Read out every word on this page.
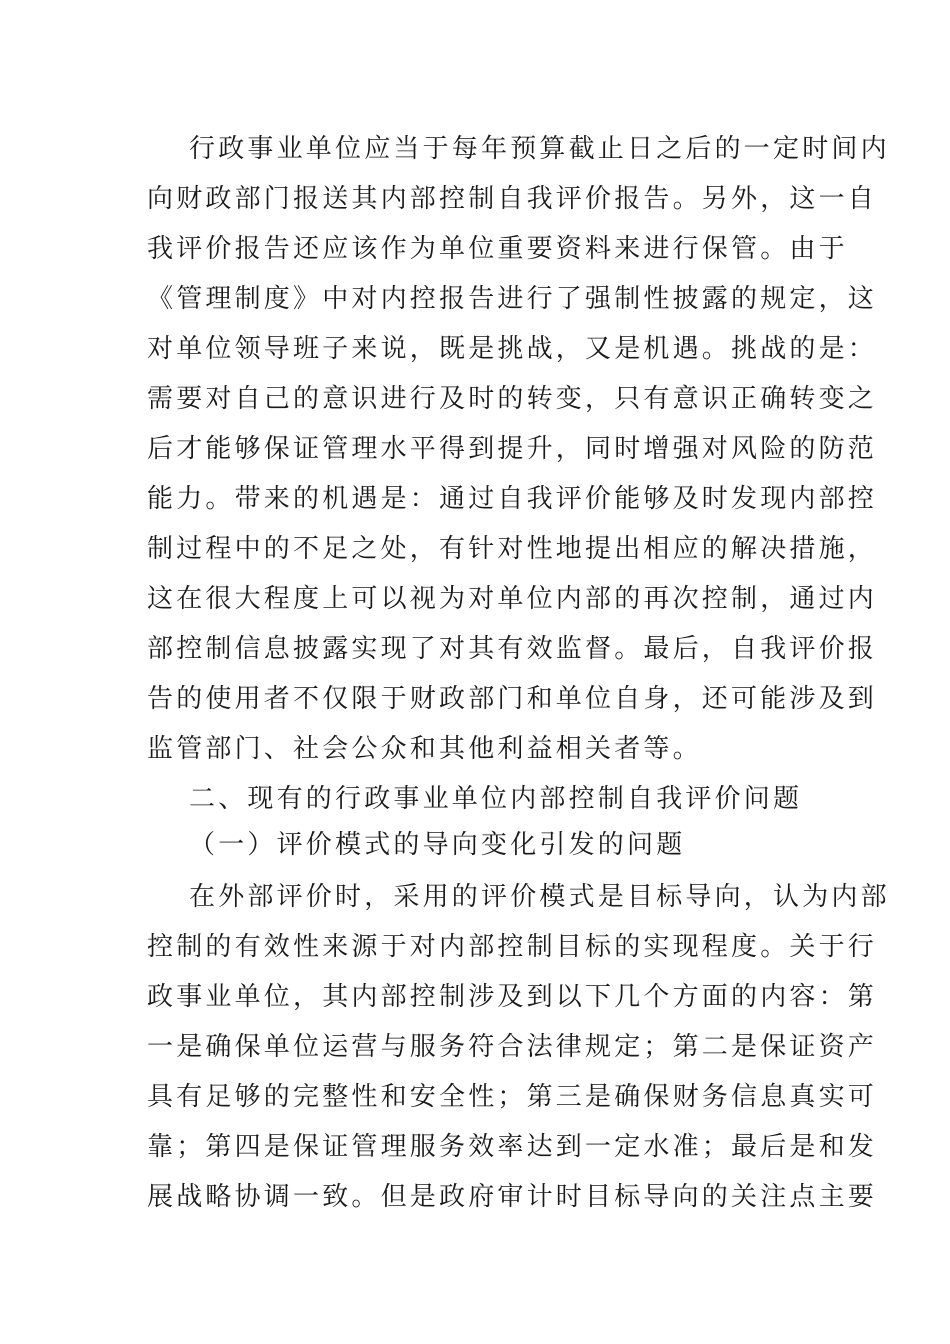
行政事业单位应当于每年预算截止日之后的一定时间内
向财政部门报送其内部控制自我评价报告。另外，这一自
我评价报告还应该作为单位重要资料来进行保管。由于
《管理制度》中对内控报告进行了强制性披露的规定，这
对单位领导班子来说，既是挑战，又是机遇。挑战的是：
需要对自己的意识进行及时的转变，只有意识正确转变之
后才能够保证管理水平得到提升，同时增强对风险的防范
能力。带来的机遇是：通过自我评价能够及时发现内部控
制过程中的不足之处，有针对性地提出相应的解决措施，
这在很大程度上可以视为对单位内部的再次控制，通过内
部控制信息披露实现了对其有效监督。最后，自我评价报
告的使用者不仅限于财政部门和单位自身，还可能涉及到
监管部门、社会公众和其他利益相关者等。
二、现有的行政事业单位内部控制自我评价问题
（一）评价模式的导向变化引发的问题
在外部评价时，采用的评价模式是目标导向，认为内部
控制的有效性来源于对内部控制目标的实现程度。关于行
政事业单位，其内部控制涉及到以下几个方面的内容：第
一是确保单位运营与服务符合法律规定；第二是保证资产
具有足够的完整性和安全性；第三是确保财务信息真实可
靠；第四是保证管理服务效率达到一定水准；最后是和发
展战略协调一致。但是政府审计时目标导向的关注点主要
